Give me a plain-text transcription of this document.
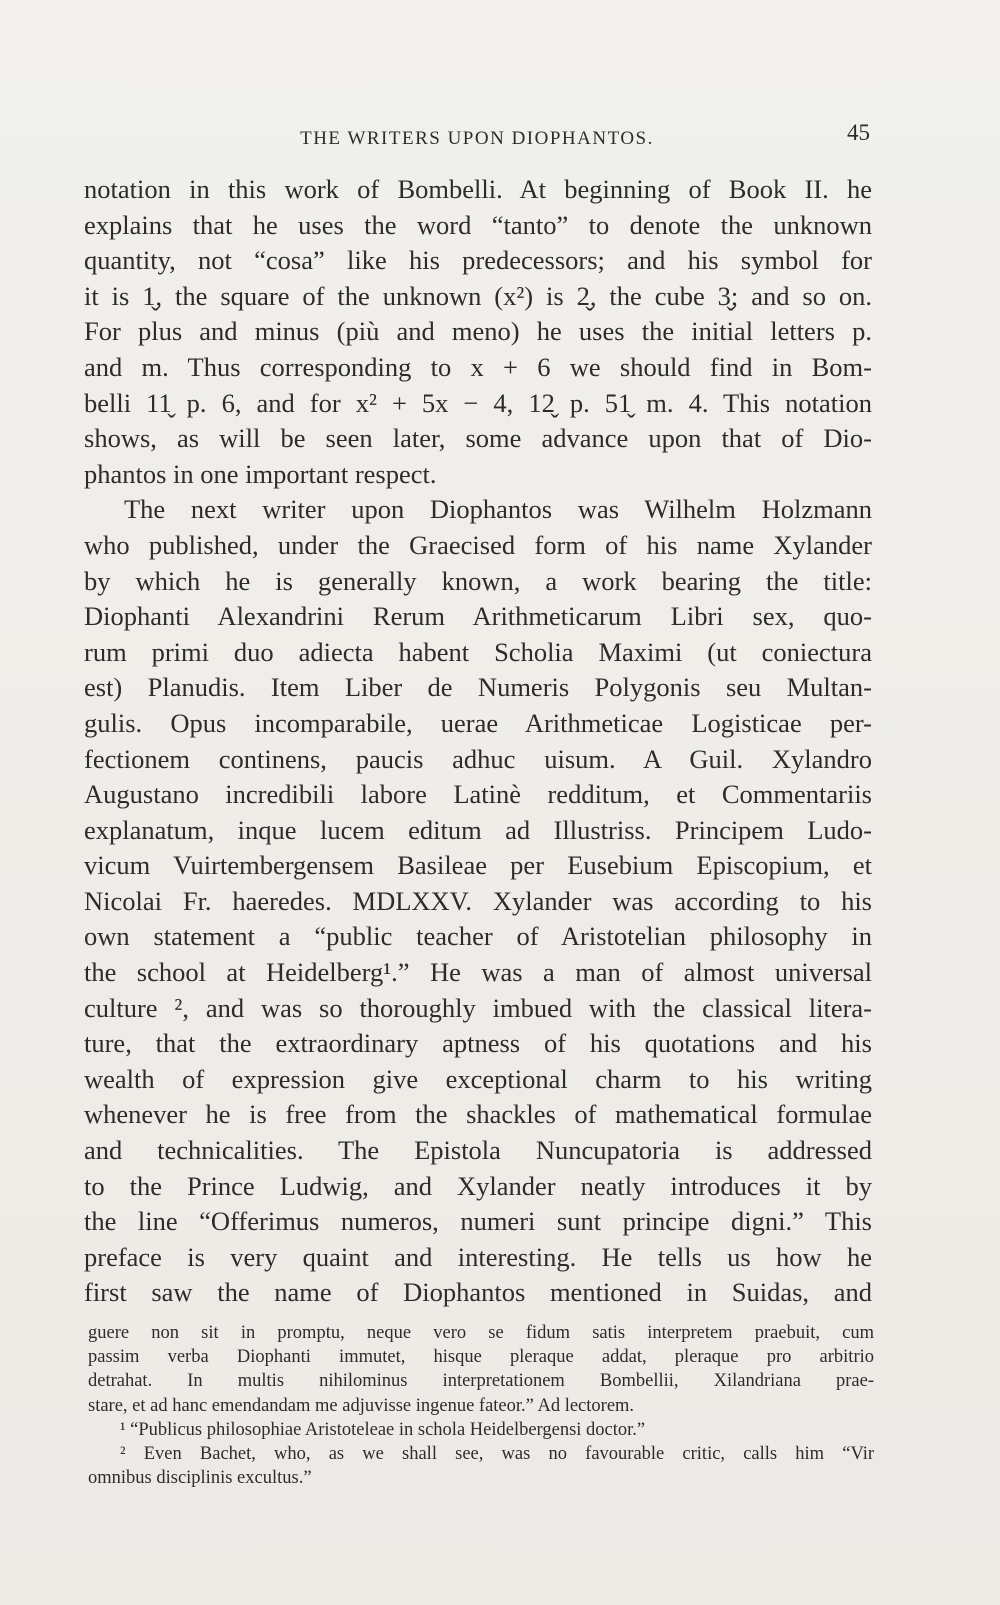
THE WRITERS UPON DIOPHANTOS.	45
notation in this work of Bombelli. At beginning of Book II. he
explains that he uses the word “tanto” to denote the unknown
quantity, not “cosa” like his predecessors; and his symbol for
it is 1̬, the square of the unknown (x²) is 2̬, the cube 3̬; and so on.
For plus and minus (più and meno) he uses the initial letters p.
and m. Thus corresponding to x + 6 we should find in Bom-
belli 11̬ p. 6, and for x² + 5x − 4, 12̬ p. 51̬ m. 4. This notation
shows, as will be seen later, some advance upon that of Dio-
phantos in one important respect.
The next writer upon Diophantos was Wilhelm Holzmann
who published, under the Graecised form of his name Xylander
by which he is generally known, a work bearing the title:
Diophanti Alexandrini Rerum Arithmeticarum Libri sex, quo-
rum primi duo adiecta habent Scholia Maximi (ut coniectura
est) Planudis. Item Liber de Numeris Polygonis seu Multan-
gulis. Opus incomparabile, uerae Arithmeticae Logisticae per-
fectionem continens, paucis adhuc uisum. A Guil. Xylandro
Augustano incredibili labore Latinè redditum, et Commentariis
explanatum, inque lucem editum ad Illustriss. Principem Ludo-
vicum Vuirtembergensem Basileae per Eusebium Episcopium, et
Nicolai Fr. haeredes. MDLXXV. Xylander was according to his
own statement a “public teacher of Aristotelian philosophy in
the school at Heidelberg¹.” He was a man of almost universal
culture ², and was so thoroughly imbued with the classical litera-
ture, that the extraordinary aptness of his quotations and his
wealth of expression give exceptional charm to his writing
whenever he is free from the shackles of mathematical formulae
and technicalities. The Epistola Nuncupatoria is addressed
to the Prince Ludwig, and Xylander neatly introduces it by
the line “Offerimus numeros, numeri sunt principe digni.” This
preface is very quaint and interesting. He tells us how he
first saw the name of Diophantos mentioned in Suidas, and
guere non sit in promptu, neque vero se fidum satis interpretem praebuit, cum
passim verba Diophanti immutet, hisque pleraque addat, pleraque pro arbitrio
detrahat. In multis nihilominus interpretationem Bombellii, Xilandriana prae-
stare, et ad hanc emendandam me adjuvisse ingenue fateor.” Ad lectorem.
¹ “Publicus philosophiae Aristoteleae in schola Heidelbergensi doctor.”
² Even Bachet, who, as we shall see, was no favourable critic, calls him “Vir
omnibus disciplinis excultus.”
